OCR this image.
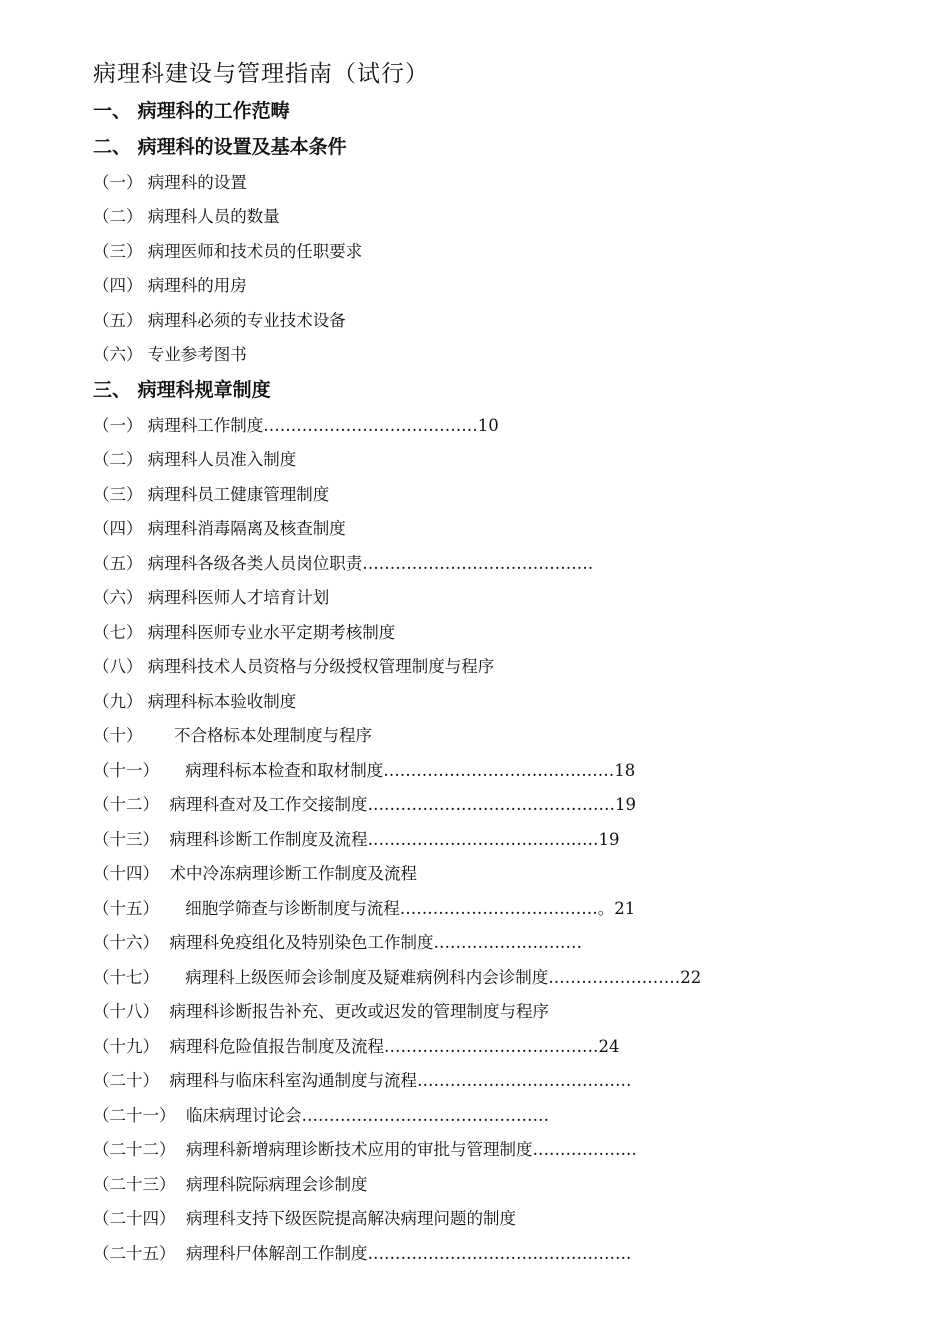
病理科建设与管理指南（试行）
一、 病理科的工作范畴
二、 病理科的设置及基本条件
（一） 病理科的设置
（二） 病理科人员的数量
（三） 病理医师和技术员的任职要求
（四） 病理科的用房
（五） 病理科必须的专业技术设备
（六） 专业参考图书
三、 病理科规章制度
（一） 病理科工作制度…………………………………10
（二） 病理科人员准入制度
（三） 病理科员工健康管理制度
（四） 病理科消毒隔离及核查制度
（五） 病理科各级各类人员岗位职责……………………………………
（六） 病理科医师人才培育计划
（七） 病理科医师专业水平定期考核制度
（八） 病理科技术人员资格与分级授权管理制度与程序
（九） 病理科标本验收制度
（十）      不合格标本处理制度与程序
（十一）     病理科标本检查和取材制度……………………………………18
（十二）  病理科查对及工作交接制度………………………………………19
（十三）  病理科诊断工作制度及流程……………………………………19
（十四）  术中冷冻病理诊断工作制度及流程
（十五）     细胞学筛查与诊断制度与流程………………………………。21
（十六）  病理科免疫组化及特别染色工作制度………………………
（十七）     病理科上级医师会诊制度及疑难病例科内会诊制度……………………22
（十八）  病理科诊断报告补充、更改或迟发的管理制度与程序
（十九）  病理科危险值报告制度及流程…………………………………24
（二十）  病理科与临床科室沟通制度与流程…………………………………
（二十一）  临床病理讨论会………………………………………
（二十二）  病理科新增病理诊断技术应用的审批与管理制度……………….
（二十三）  病理科院际病理会诊制度
（二十四）  病理科支持下级医院提高解决病理问题的制度
（二十五）  病理科尸体解剖工作制度…………………………………………
